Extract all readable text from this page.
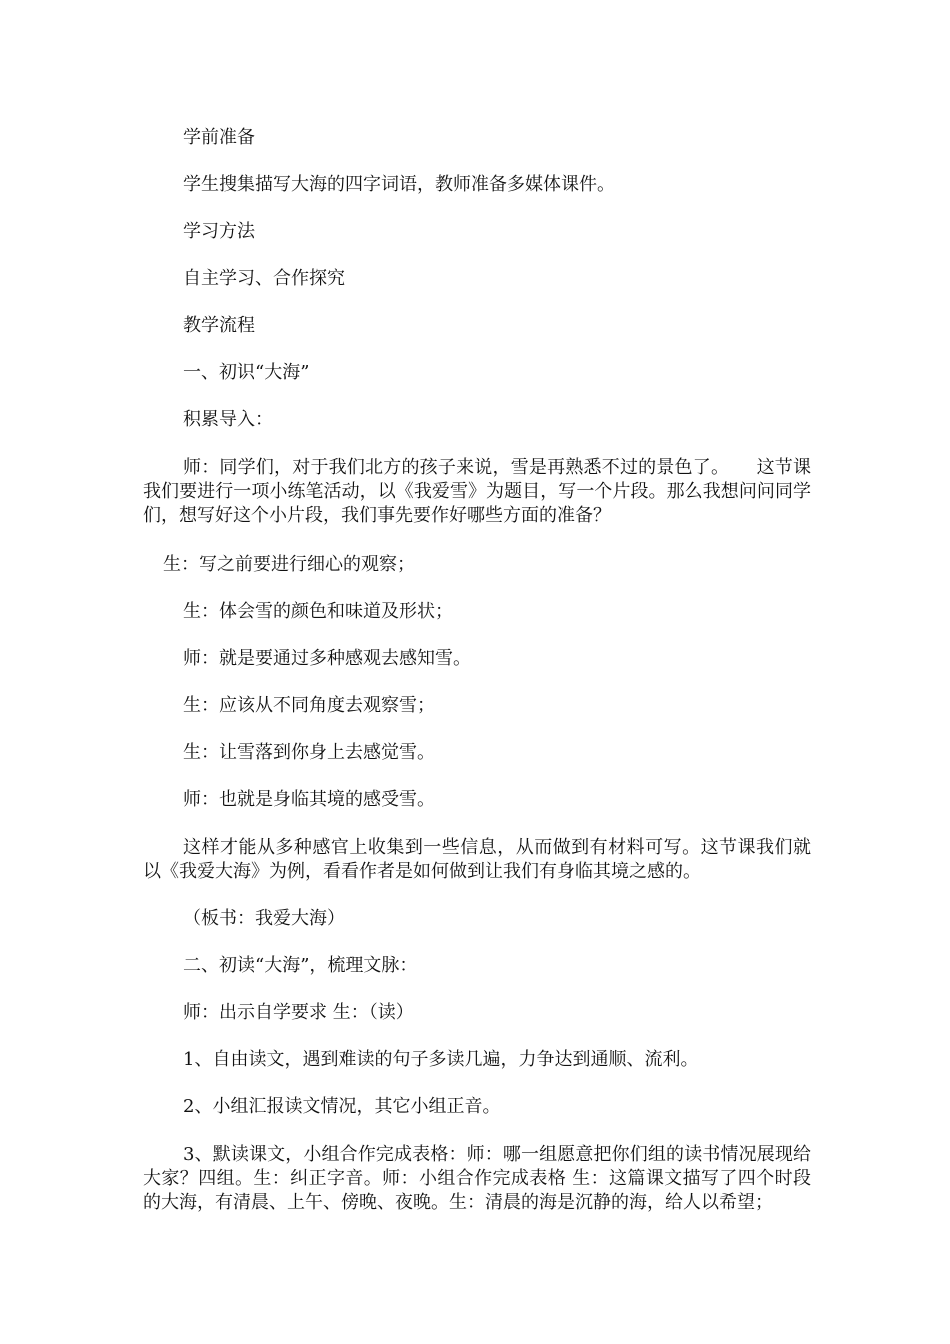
学前准备
学生搜集描写大海的四字词语，教师准备多媒体课件。
学习方法
自主学习、合作探究
教学流程
一、初识“大海”
积累导入：
师：同学们，对于我们北方的孩子来说，雪是再熟悉不过的景色了。　　这节课我们要进行一项小练笔活动，以《我爱雪》为题目，写一个片段。那么我想问问同学们，想写好这个小片段，我们事先要作好哪些方面的准备？
生：写之前要进行细心的观察；
生：体会雪的颜色和味道及形状；
师：就是要通过多种感观去感知雪。
生：应该从不同角度去观察雪；
生：让雪落到你身上去感觉雪。
师：也就是身临其境的感受雪。
这样才能从多种感官上收集到一些信息，从而做到有材料可写。这节课我们就以《我爱大海》为例，看看作者是如何做到让我们有身临其境之感的。
（板书：我爱大海）
二、初读“大海”，梳理文脉：
师：出示自学要求 生：（读）
1、自由读文，遇到难读的句子多读几遍，力争达到通顺、流利。
2、小组汇报读文情况，其它小组正音。
3、默读课文，小组合作完成表格：师：哪一组愿意把你们组的读书情况展现给大家？四组。生：纠正字音。师：小组合作完成表格 生：这篇课文描写了四个时段的大海，有清晨、上午、傍晚、夜晚。生：清晨的海是沉静的海，给人以希望；
